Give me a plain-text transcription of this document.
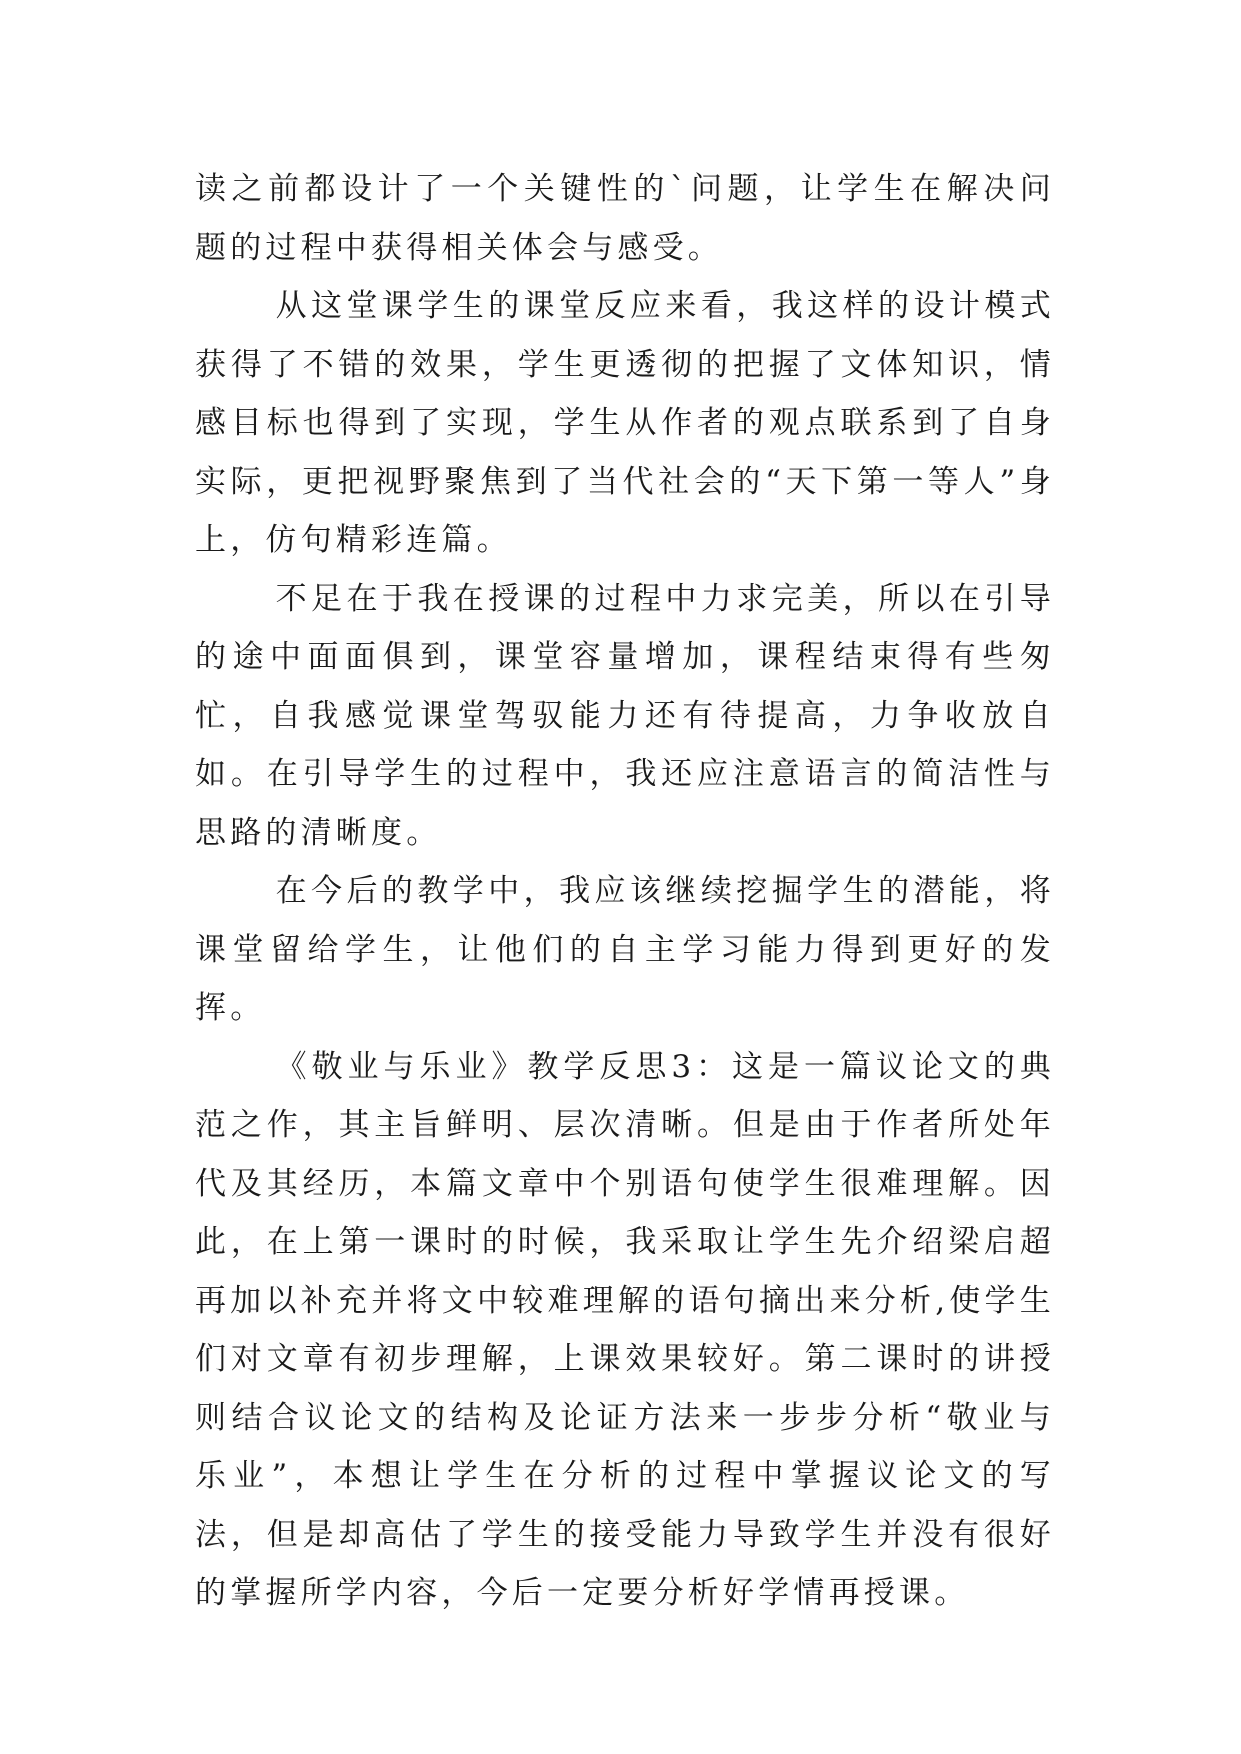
读之前都设计了一个关键性的`问题，让学生在解决问题的过程中获得相关体会与感受。

从这堂课学生的课堂反应来看，我这样的设计模式获得了不错的效果，学生更透彻的把握了文体知识，情感目标也得到了实现，学生从作者的观点联系到了自身实际，更把视野聚焦到了当代社会的“天下第一等人”身上，仿句精彩连篇。

不足在于我在授课的过程中力求完美，所以在引导的途中面面俱到，课堂容量增加，课程结束得有些匆忙，自我感觉课堂驾驭能力还有待提高，力争收放自如。在引导学生的过程中，我还应注意语言的简洁性与思路的清晰度。

在今后的教学中，我应该继续挖掘学生的潜能，将课堂留给学生，让他们的自主学习能力得到更好的发挥。

《敬业与乐业》教学反思3：这是一篇议论文的典范之作，其主旨鲜明、层次清晰。但是由于作者所处年代及其经历，本篇文章中个别语句使学生很难理解。因此，在上第一课时的时候，我采取让学生先介绍梁启超再加以补充并将文中较难理解的语句摘出来分析,使学生们对文章有初步理解，上课效果较好。第二课时的讲授则结合议论文的结构及论证方法来一步步分析“敬业与乐业”，本想让学生在分析的过程中掌握议论文的写法，但是却高估了学生的接受能力导致学生并没有很好的掌握所学内容，今后一定要分析好学情再授课。
